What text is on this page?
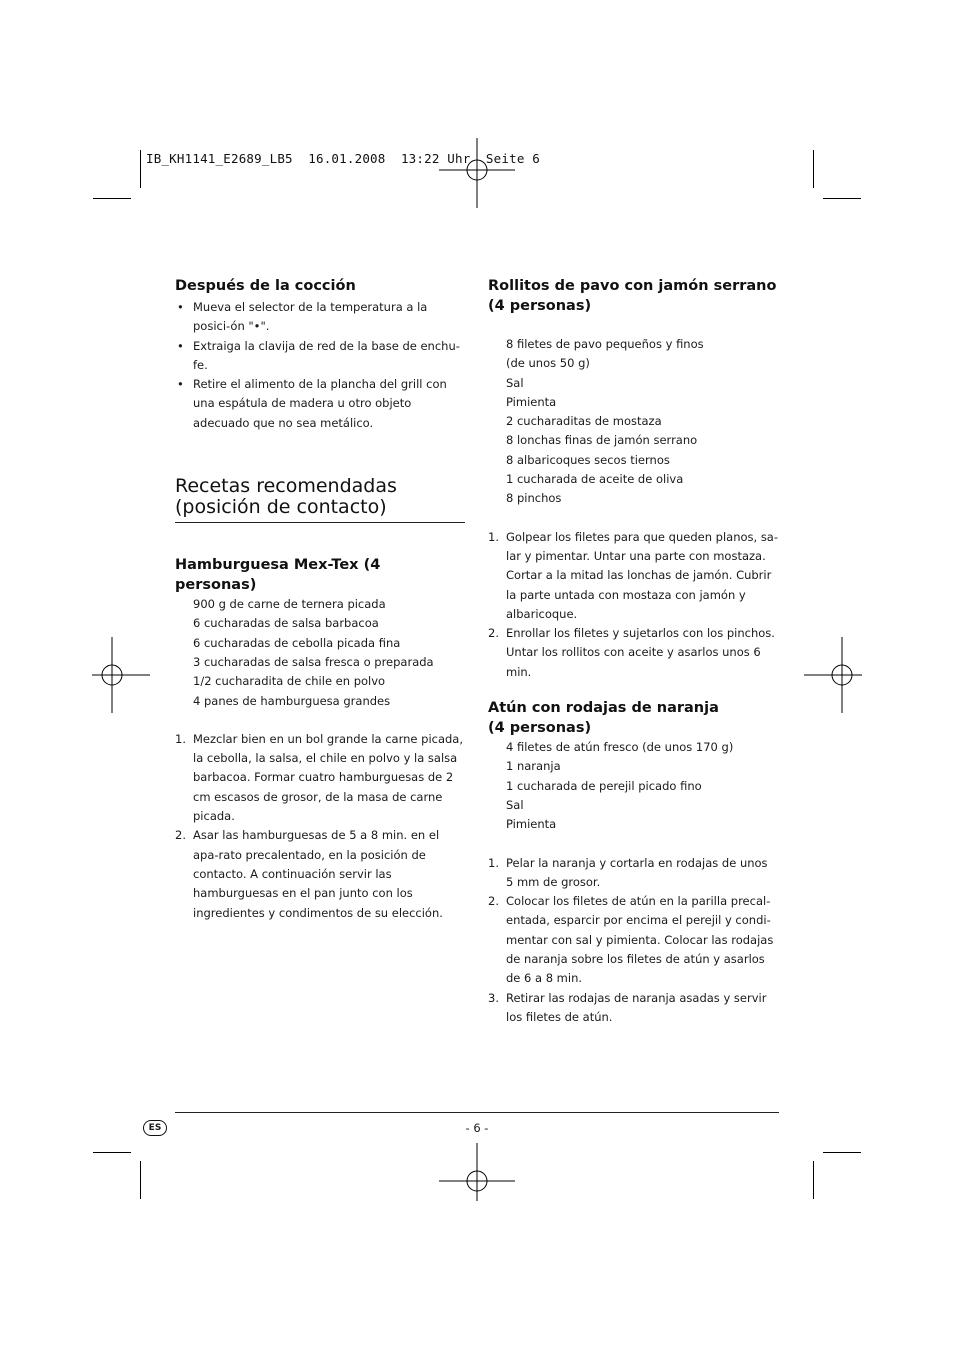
IB_KH1141_E2689_LB5  16.01.2008  13:22 Uhr  Seite 6
Después de la cocción
• Mueva el selector de la temperatura a la posici-ón "•".
• Extraiga la clavija de red de la base de enchu-fe.
• Retire el alimento de la plancha del grill con una espátula de madera u otro objeto adecuado que no sea metálico.
Recetas recomendadas
(posición de contacto)
Hamburguesa Mex-Tex (4 personas)
900 g de carne de ternera picada
6 cucharadas de salsa barbacoa
6 cucharadas de cebolla picada fina
3 cucharadas de salsa fresca o preparada
1/2 cucharadita de chile en polvo
4 panes de hamburguesa grandes
1. Mezclar bien en un bol grande la carne picada, la cebolla, la salsa, el chile en polvo y la salsa barbacoa. Formar cuatro hamburguesas de 2 cm escasos de grosor, de la masa de carne picada.
2. Asar las hamburguesas de 5 a 8 min. en el apa-rato precalentado, en la posición de contacto. A continuación servir las hamburguesas en el pan junto con los ingredientes y condimentos de su elección.
Rollitos de pavo con jamón serrano
(4 personas)
8 filetes de pavo pequeños y finos
(de unos 50 g)
Sal
Pimienta
2 cucharaditas de mostaza
8 lonchas finas de jamón serrano
8 albaricoques secos tiernos
1 cucharada de aceite de oliva
8 pinchos
1. Golpear los filetes para que queden planos, sa-lar y pimentar. Untar una parte con mostaza. Cortar a la mitad las lonchas de jamón. Cubrir la parte untada con mostaza con jamón y albaricoque.
2. Enrollar los filetes y sujetarlos con los pinchos. Untar los rollitos con aceite y asarlos unos 6 min.
Atún con rodajas de naranja
(4 personas)
4 filetes de atún fresco (de unos 170 g)
1 naranja
1 cucharada de perejil picado fino
Sal
Pimienta
1. Pelar la naranja y cortarla en rodajas de unos 5 mm de grosor.
2. Colocar los filetes de atún en la parilla precal-entada, esparcir por encima el perejil y condi-mentar con sal y pimienta. Colocar las rodajas de naranja sobre los filetes de atún y asarlos de 6 a 8 min.
3. Retirar las rodajas de naranja asadas y servir los filetes de atún.
ES	- 6 -
